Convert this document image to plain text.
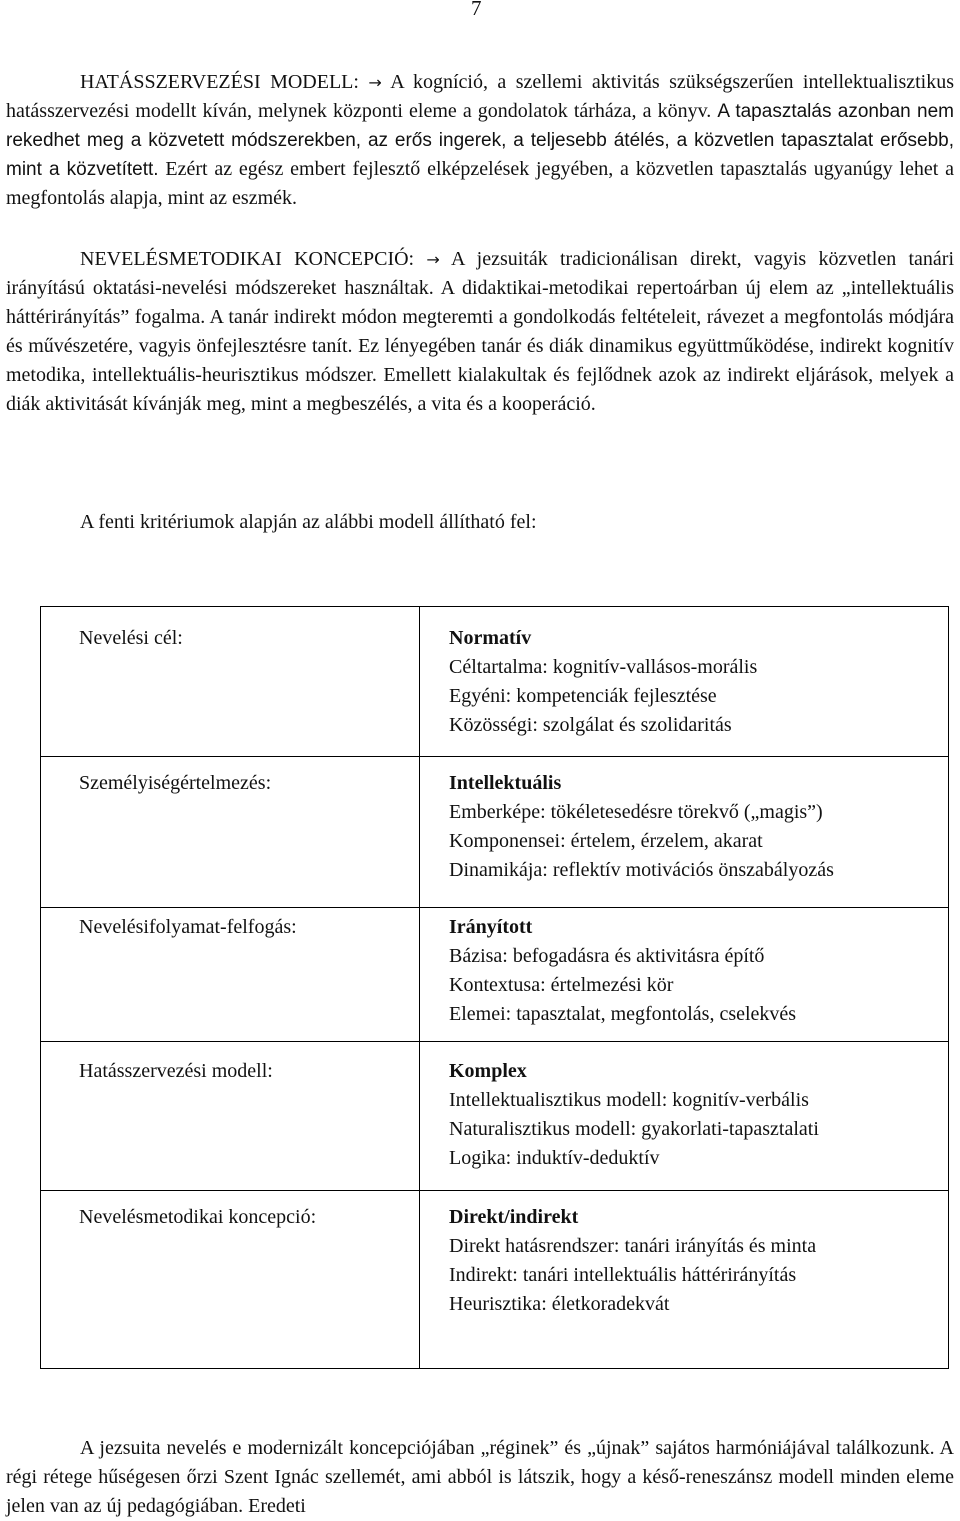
7

HATÁSSZERVEZÉSI MODELL: → A kogníció, a szellemi aktivitás szükségszerűen intellektualisztikus hatásszervezési modellt kíván, melynek központi eleme a gondolatok tárháza, a könyv. A tapasztalás azonban nem rekedhet meg a közvetett módszerekben, az erős ingerek, a teljesebb átélés, a közvetlen tapasztalat erősebb, mint a közvetített. Ezért az egész embert fejlesztő elképzelések jegyében, a közvetlen tapasztalás ugyanúgy lehet a megfontolás alapja, mint az eszmék.

NEVELÉSMETODIKAI KONCEPCIÓ: → A jezsuiták tradicionálisan direkt, vagyis közvetlen tanári irányítású oktatási-nevelési módszereket használtak. A didaktikai-metodikai repertoárban új elem az „intellektuális háttérirányítás” fogalma. A tanár indirekt módon megteremti a gondolkodás feltételeit, rávezet a megfontolás módjára és művészetére, vagyis önfejlesztésre tanít. Ez lényegében tanár és diák dinamikus együttműködése, indirekt kognitív metodika, intellektuális-heurisztikus módszer. Emellett kialakultak és fejlődnek azok az indirekt eljárások, melyek a diák aktivitását kívánják meg, mint a megbeszélés, a vita és a kooperáció.

A fenti kritériumok alapján az alábbi modell állítható fel:
Nevelési cél:	Normatív
Céltartalma: kognitív-vallásos-morális
Egyéni: kompetenciák fejlesztése
Közösségi: szolgálat és szolidaritás
Személyiségértelmezés:	Intellektuális
Emberképe: tökéletesedésre törekvő („magis”)
Komponensei: értelem, érzelem, akarat
Dinamikája: reflektív motivációs önszabályozás
Nevelésifolyamat-felfogás:	Irányított
Bázisa: befogadásra és aktivitásra építő
Kontextusa: értelmezési kör
Elemei: tapasztalat, megfontolás, cselekvés
Hatásszervezési modell:	Komplex
Intellektualisztikus modell: kognitív-verbális
Naturalisztikus modell: gyakorlati-tapasztalati
Logika: induktív-deduktív
Nevelésmetodikai koncepció:	Direkt/indirekt
Direkt hatásrendszer: tanári irányítás és minta
Indirekt: tanári intellektuális háttérirányítás
Heurisztika: életkoradekvát

A jezsuita nevelés e modernizált koncepciójában „réginek” és „újnak” sajátos harmóniájával találkozunk. A régi rétege hűségesen őrzi Szent Ignác szellemét, ami abból is látszik, hogy a késő-reneszánsz modell minden eleme jelen van az új pedagógiában. Eredeti
